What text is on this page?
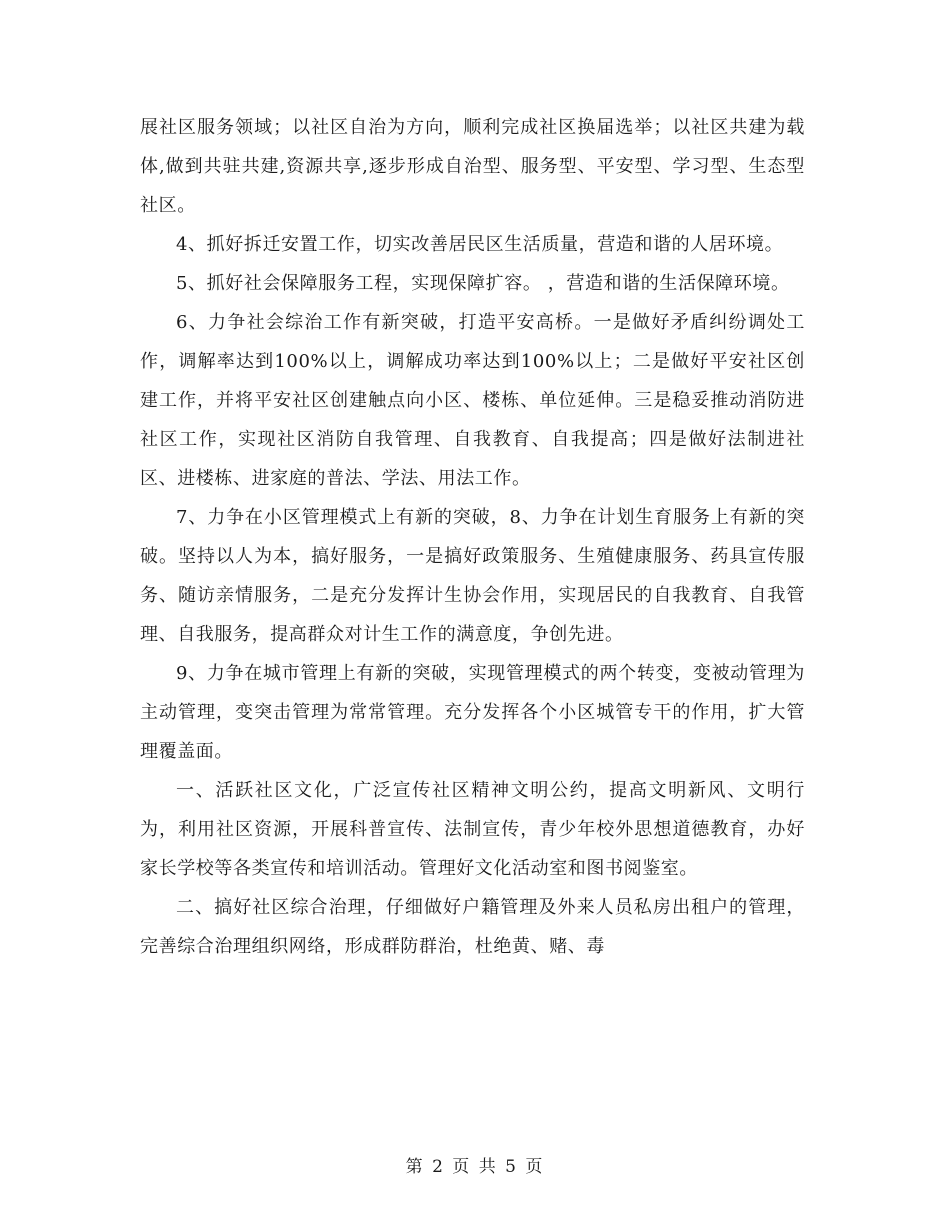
展社区服务领域；以社区自治为方向，顺利完成社区换届选举；以社区共建为载体,做到共驻共建,资源共享,逐步形成自治型、服务型、平安型、学习型、生态型社区。

4、抓好拆迁安置工作，切实改善居民区生活质量，营造和谐的人居环境。

5、抓好社会保障服务工程，实现保障扩容。 ，营造和谐的生活保障环境。

6、力争社会综治工作有新突破，打造平安高桥。一是做好矛盾纠纷调处工作，调解率达到100%以上，调解成功率达到100%以上；二是做好平安社区创建工作，并将平安社区创建触点向小区、楼栋、单位延伸。三是稳妥推动消防进社区工作，实现社区消防自我管理、自我教育、自我提高；四是做好法制进社区、进楼栋、进家庭的普法、学法、用法工作。

7、力争在小区管理模式上有新的突破，8、力争在计划生育服务上有新的突破。坚持以人为本，搞好服务，一是搞好政策服务、生殖健康服务、药具宣传服务、随访亲情服务，二是充分发挥计生协会作用，实现居民的自我教育、自我管理、自我服务，提高群众对计生工作的满意度，争创先进。

9、力争在城市管理上有新的突破，实现管理模式的两个转变，变被动管理为主动管理，变突击管理为常常管理。充分发挥各个小区城管专干的作用，扩大管理覆盖面。

一、活跃社区文化，广泛宣传社区精神文明公约，提高文明新风、文明行为，利用社区资源，开展科普宣传、法制宣传，青少年校外思想道德教育，办好家长学校等各类宣传和培训活动。管理好文化活动室和图书阅鉴室。

二、搞好社区综合治理，仔细做好户籍管理及外来人员私房出租户的管理，完善综合治理组织网络，形成群防群治，杜绝黄、赌、毒

第 2 页 共 5 页
